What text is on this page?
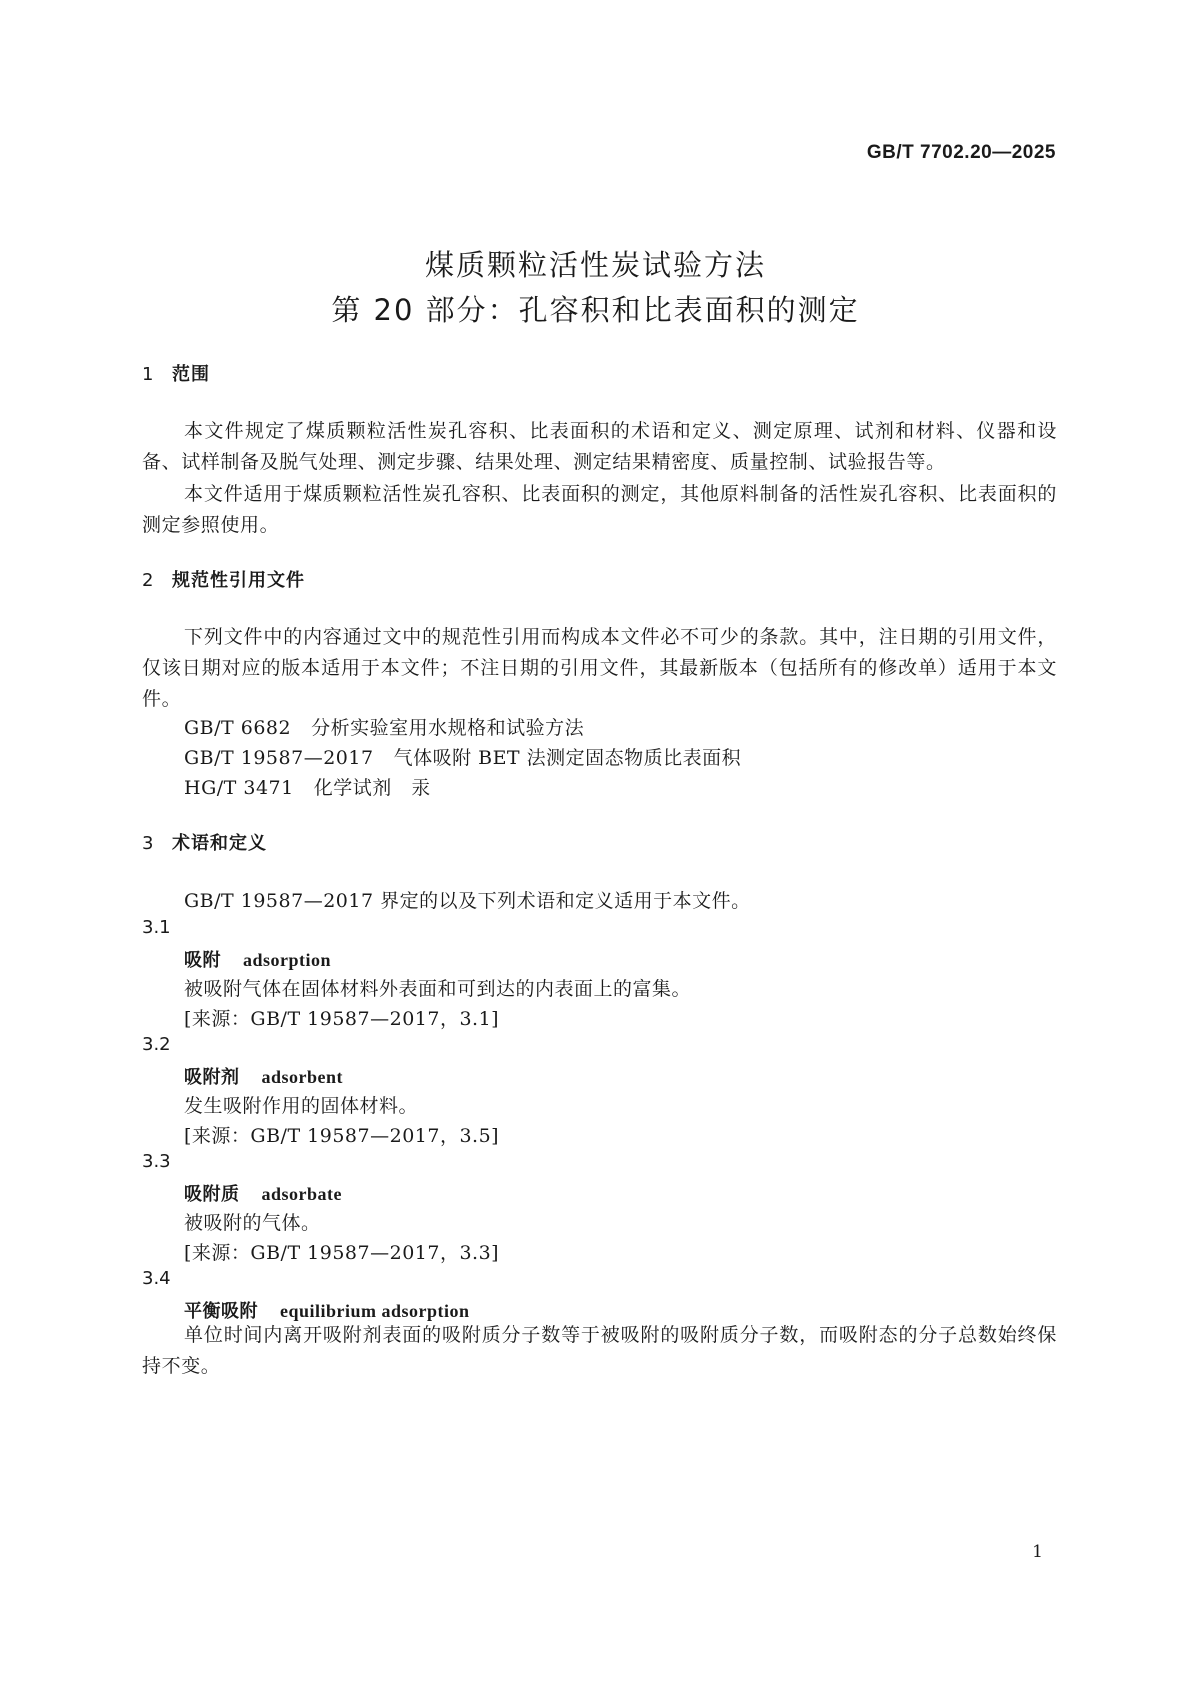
GB/T 7702.20—2025
煤质颗粒活性炭试验方法
第 20 部分：孔容积和比表面积的测定
1 范围
本文件规定了煤质颗粒活性炭孔容积、比表面积的术语和定义、测定原理、试剂和材料、仪器和设备、试样制备及脱气处理、测定步骤、结果处理、测定结果精密度、质量控制、试验报告等。
本文件适用于煤质颗粒活性炭孔容积、比表面积的测定，其他原料制备的活性炭孔容积、比表面积的测定参照使用。
2 规范性引用文件
下列文件中的内容通过文中的规范性引用而构成本文件必不可少的条款。其中，注日期的引用文件，仅该日期对应的版本适用于本文件；不注日期的引用文件，其最新版本（包括所有的修改单）适用于本文件。
GB/T 6682 分析实验室用水规格和试验方法
GB/T 19587—2017 气体吸附 BET 法测定固态物质比表面积
HG/T 3471 化学试剂　汞
3 术语和定义
GB/T 19587—2017 界定的以及下列术语和定义适用于本文件。
3.1
吸附 adsorption
被吸附气体在固体材料外表面和可到达的内表面上的富集。
[来源：GB/T 19587—2017，3.1]
3.2
吸附剂 adsorbent
发生吸附作用的固体材料。
[来源：GB/T 19587—2017，3.5]
3.3
吸附质 adsorbate
被吸附的气体。
[来源：GB/T 19587—2017，3.3]
3.4
平衡吸附 equilibrium adsorption
单位时间内离开吸附剂表面的吸附质分子数等于被吸附的吸附质分子数，而吸附态的分子总数始终保持不变。
1
